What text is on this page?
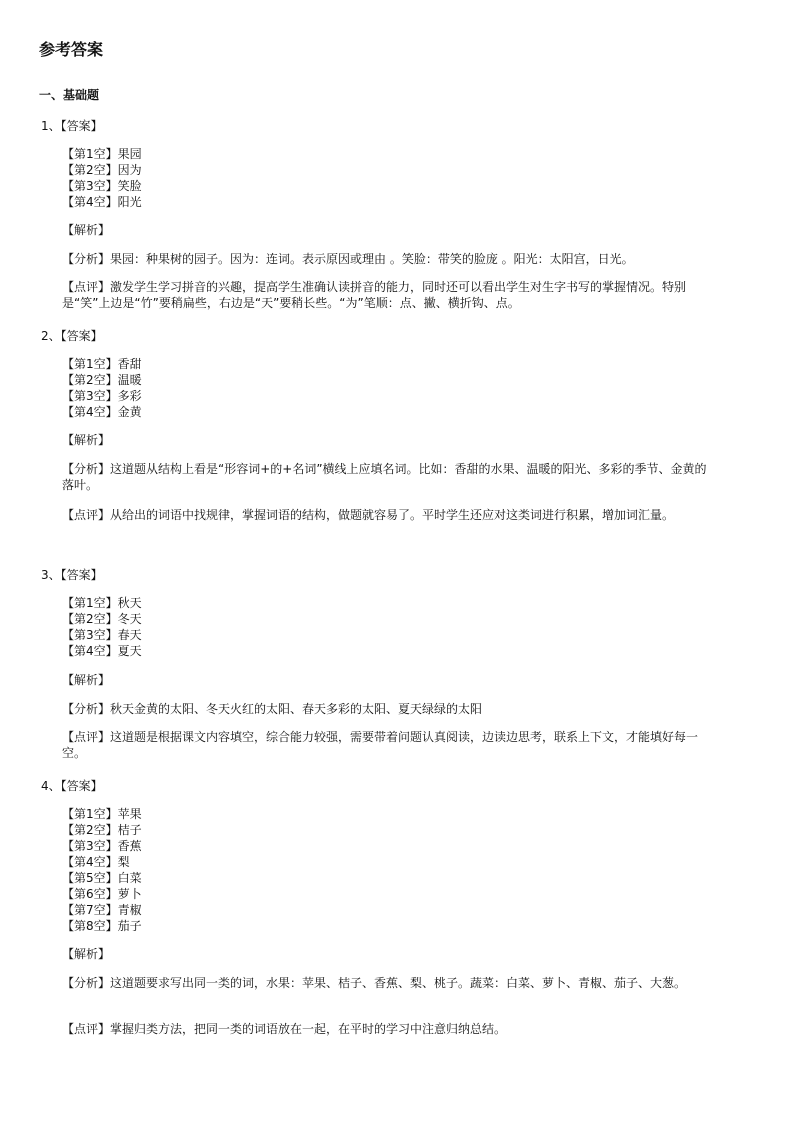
参考答案
一、基础题
1、【答案】
【第1空】果园
【第2空】因为
【第3空】笑脸
【第4空】阳光
【解析】
【分析】果园：种果树的园子。因为：连词。表示原因或理由 。笑脸：带笑的脸庞 。阳光：太阳宫，日光。
【点评】激发学生学习拼音的兴趣，提高学生准确认读拼音的能力，同时还可以看出学生对生字书写的掌握情况。特别是“笑”上边是“竹”要稍扁些，右边是“天”要稍长些。“为”笔顺：点、撇、横折钩、点。
2、【答案】
【第1空】香甜
【第2空】温暖
【第3空】多彩
【第4空】金黄
【解析】
【分析】这道题从结构上看是“形容词+的+名词”横线上应填名词。比如：香甜的水果、温暖的阳光、多彩的季节、金黄的落叶。
【点评】从给出的词语中找规律，掌握词语的结构，做题就容易了。平时学生还应对这类词进行积累，增加词汇量。
3、【答案】
【第1空】秋天
【第2空】冬天
【第3空】春天
【第4空】夏天
【解析】
【分析】秋天金黄的太阳、冬天火红的太阳、春天多彩的太阳、夏天绿绿的太阳
【点评】这道题是根据课文内容填空，综合能力较强，需要带着问题认真阅读，边读边思考，联系上下文，才能填好每一空。
4、【答案】
【第1空】苹果
【第2空】桔子
【第3空】香蕉
【第4空】梨
【第5空】白菜
【第6空】萝卜
【第7空】青椒
【第8空】茄子
【解析】
【分析】这道题要求写出同一类的词，水果：苹果、桔子、香蕉、梨、桃子。蔬菜：白菜、萝卜、青椒、茄子、大葱。
【点评】掌握归类方法，把同一类的词语放在一起，在平时的学习中注意归纳总结。
